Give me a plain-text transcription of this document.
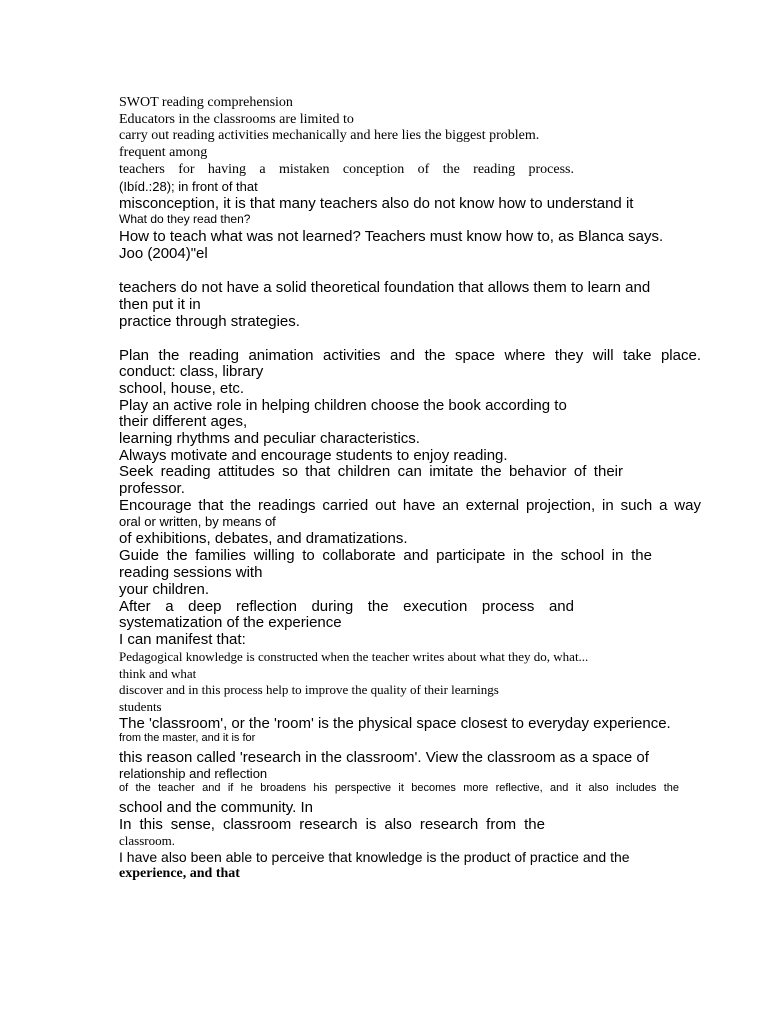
SWOT reading comprehension
Educators in the classrooms are limited to
carry out reading activities mechanically and here lies the biggest problem.
frequent among
teachers for having a mistaken conception of the reading process.
(Ibíd.:28); in front of that
misconception, it is that many teachers also do not know how to understand it
What do they read then?
How to teach what was not learned? Teachers must know how to, as Blanca says.
Joo (2004)"el
teachers do not have a solid theoretical foundation that allows them to learn and
then put it in
practice through strategies.
Plan the reading animation activities and the space where they will take place.
conduct: class, library
school, house, etc.
Play an active role in helping children choose the book according to
their different ages,
learning rhythms and peculiar characteristics.
Always motivate and encourage students to enjoy reading.
Seek reading attitudes so that children can imitate the behavior of their
professor.
Encourage that the readings carried out have an external projection, in such a way
oral or written, by means of
of exhibitions, debates, and dramatizations.
Guide the families willing to collaborate and participate in the school in the
reading sessions with
your children.
After a deep reflection during the execution process and
systematization of the experience
I can manifest that:
Pedagogical knowledge is constructed when the teacher writes about what they do, what...
think and what
discover and in this process help to improve the quality of their learnings
students
The 'classroom', or the 'room' is the physical space closest to everyday experience.
from the master, and it is for
this reason called 'research in the classroom'. View the classroom as a space of
relationship and reflection
of the teacher and if he broadens his perspective it becomes more reflective, and it also includes the
school and the community. In
In this sense, classroom research is also research from the
classroom.
I have also been able to perceive that knowledge is the product of practice and the
experience, and that
